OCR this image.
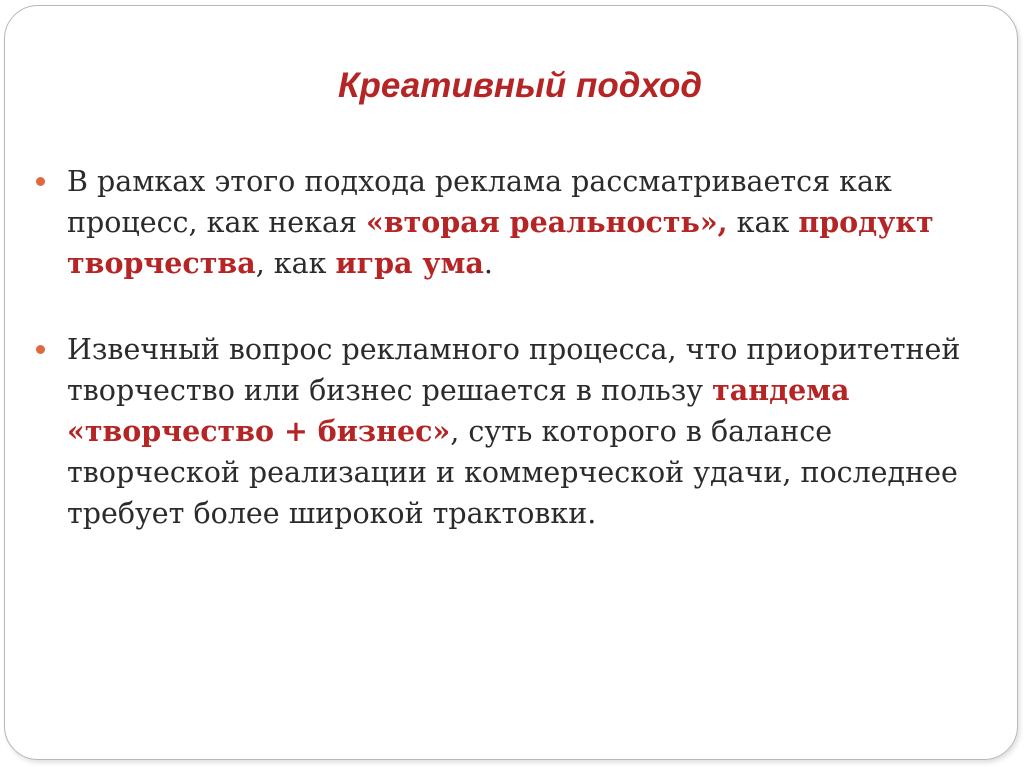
Креативный подход
В рамках этого подхода реклама рассматривается как процесс, как некая «вторая реальность», как продукт творчества, как игра ума.
Извечный вопрос рекламного процесса, что приоритетней творчество или бизнес решается в пользу тандема «творчество + бизнес», суть которого в балансе творческой реализации и коммерческой удачи, последнее требует более широкой трактовки.
